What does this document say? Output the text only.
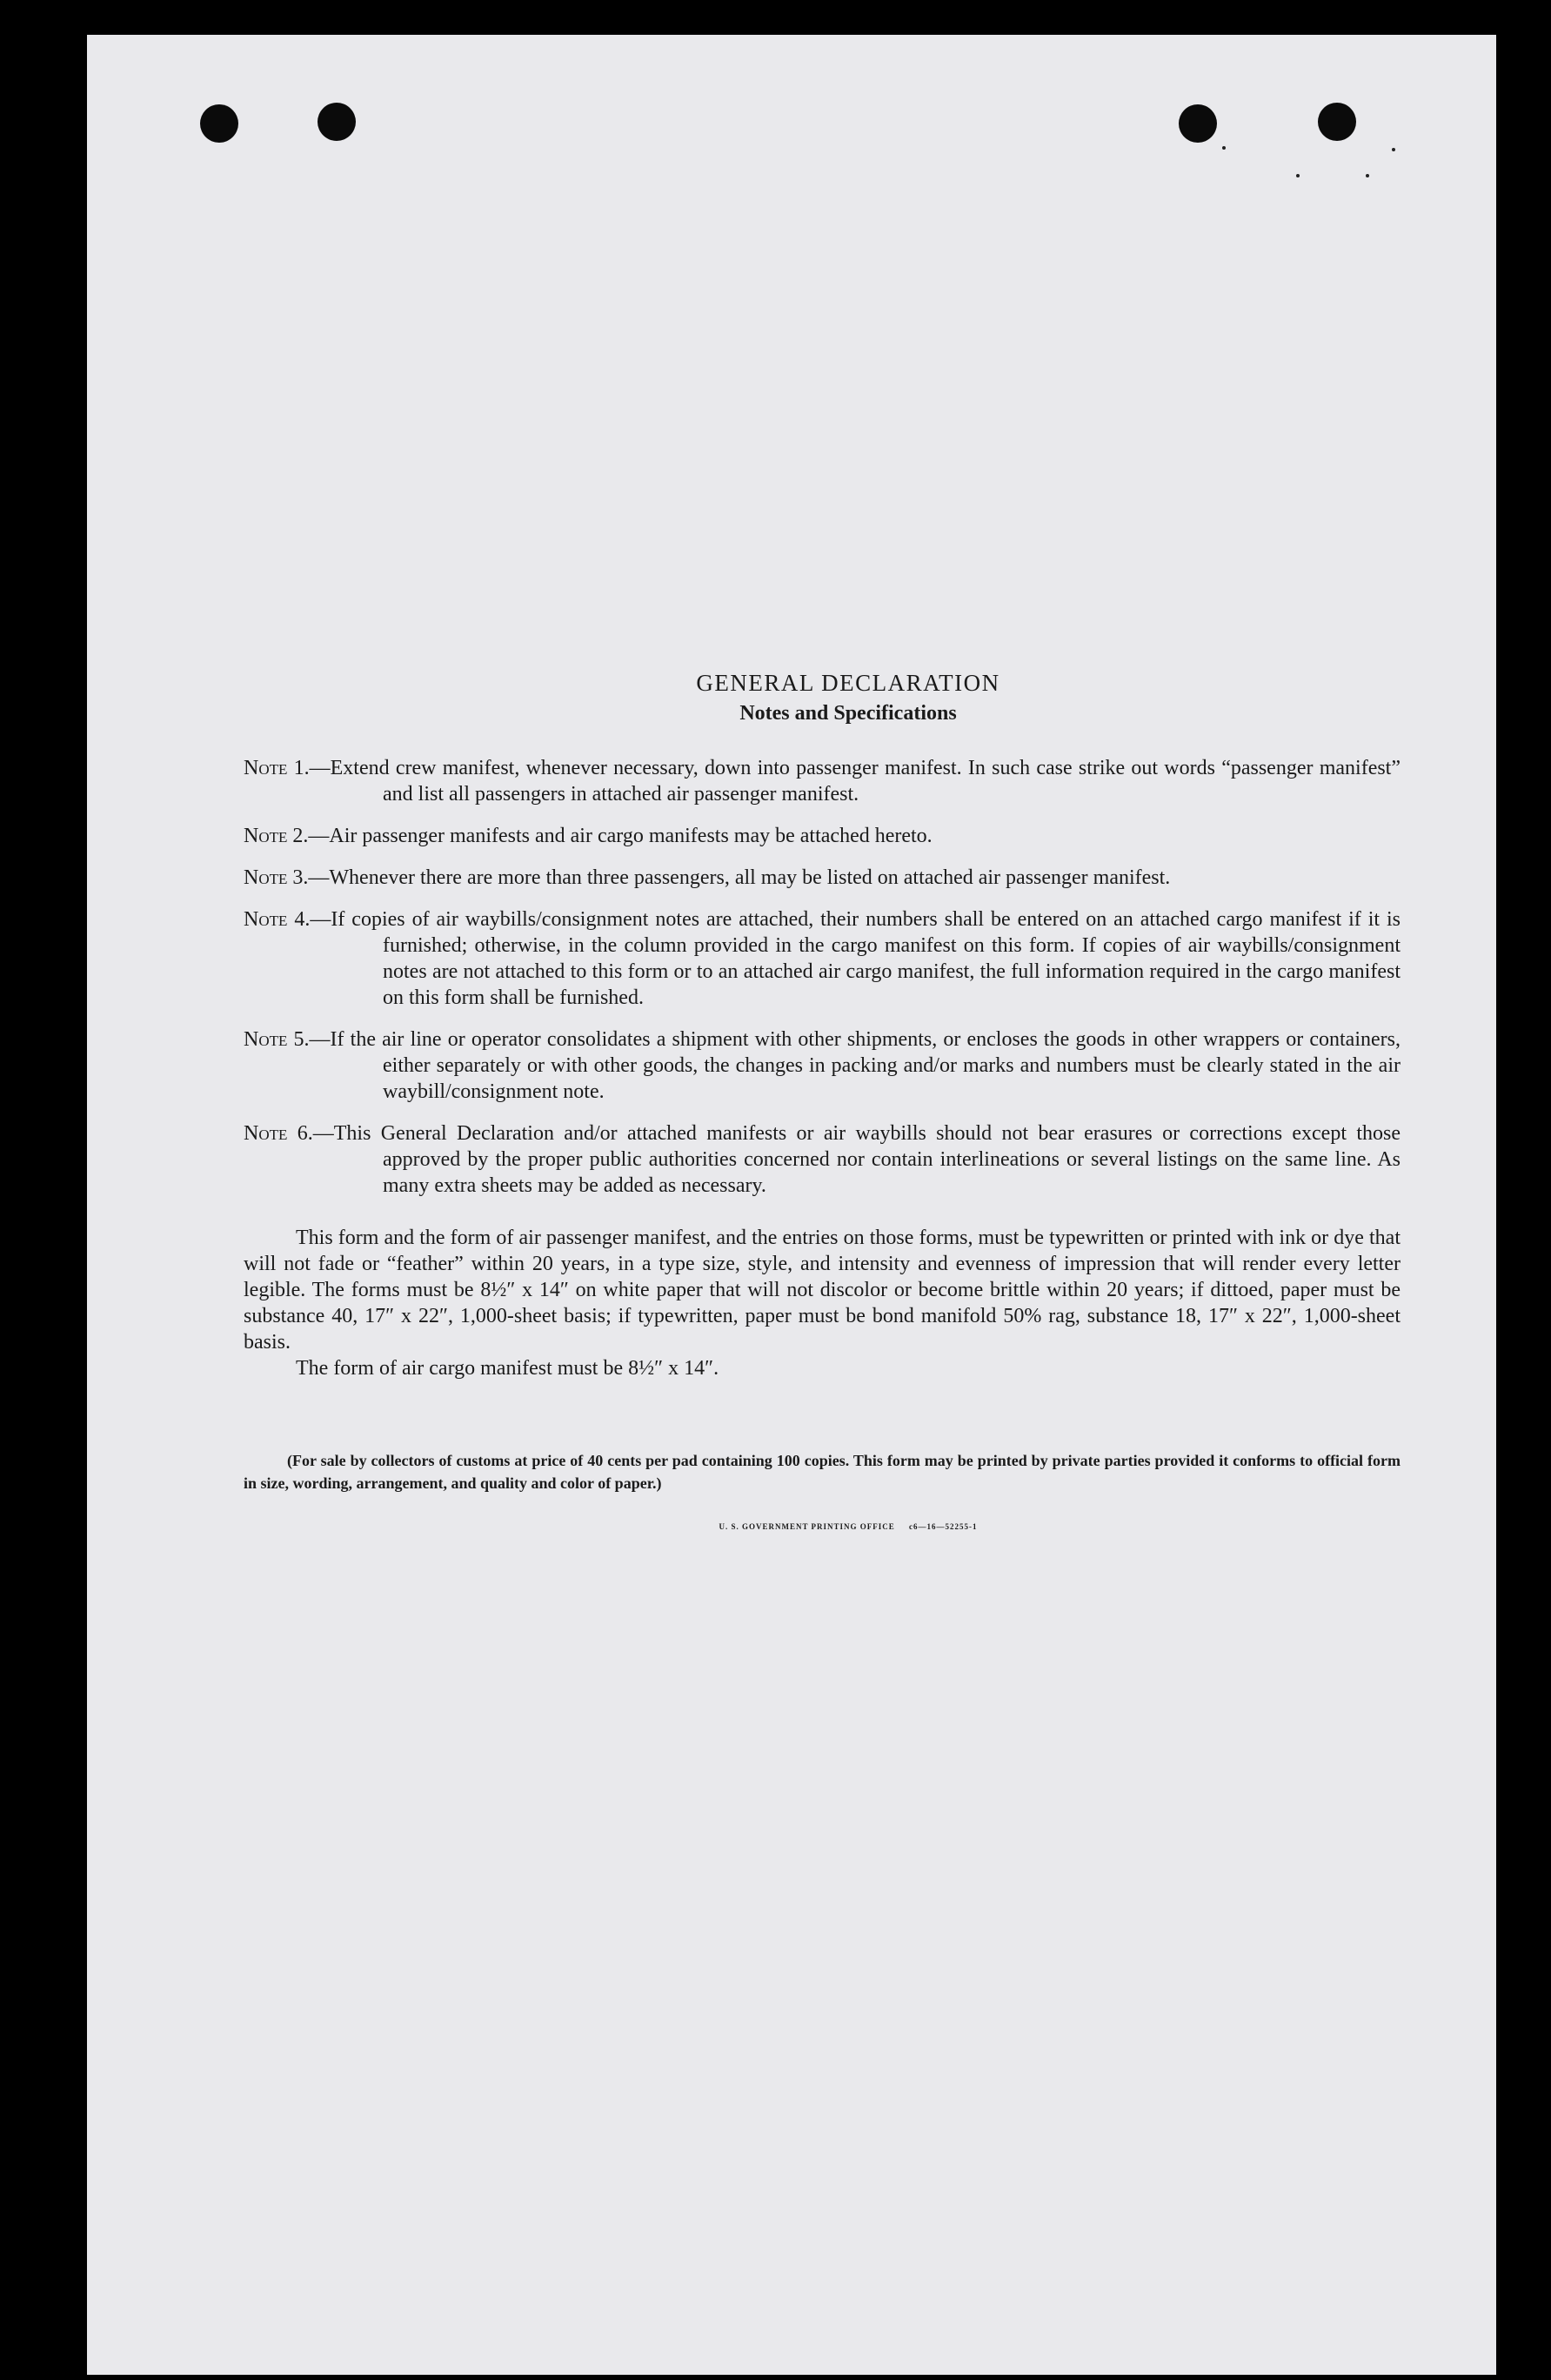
GENERAL DECLARATION
Notes and Specifications
Note 1.—Extend crew manifest, whenever necessary, down into passenger manifest. In such case strike out words “passenger manifest” and list all passengers in attached air passenger manifest.
Note 2.—Air passenger manifests and air cargo manifests may be attached hereto.
Note 3.—Whenever there are more than three passengers, all may be listed on attached air passenger manifest.
Note 4.—If copies of air waybills/consignment notes are attached, their numbers shall be entered on an attached cargo manifest if it is furnished; otherwise, in the column provided in the cargo manifest on this form. If copies of air waybills/consignment notes are not attached to this form or to an attached air cargo manifest, the full information required in the cargo manifest on this form shall be furnished.
Note 5.—If the air line or operator consolidates a shipment with other shipments, or encloses the goods in other wrappers or containers, either separately or with other goods, the changes in packing and/or marks and numbers must be clearly stated in the air waybill/consignment note.
Note 6.—This General Declaration and/or attached manifests or air waybills should not bear erasures or corrections except those approved by the proper public authorities concerned nor contain interlineations or several listings on the same line. As many extra sheets may be added as necessary.
This form and the form of air passenger manifest, and the entries on those forms, must be typewritten or printed with ink or dye that will not fade or “feather” within 20 years, in a type size, style, and intensity and evenness of impression that will render every letter legible. The forms must be 8½″ x 14″ on white paper that will not discolor or become brittle within 20 years; if dittoed, paper must be substance 40, 17″ x 22″, 1,000-sheet basis; if typewritten, paper must be bond manifold 50% rag, substance 18, 17″ x 22″, 1,000-sheet basis.
The form of air cargo manifest must be 8½″ x 14″.
(For sale by collectors of customs at price of 40 cents per pad containing 100 copies. This form may be printed by private parties provided it conforms to official form in size, wording, arrangement, and quality and color of paper.)
U. S. GOVERNMENT PRINTING OFFICE     c6—16—52255-1
